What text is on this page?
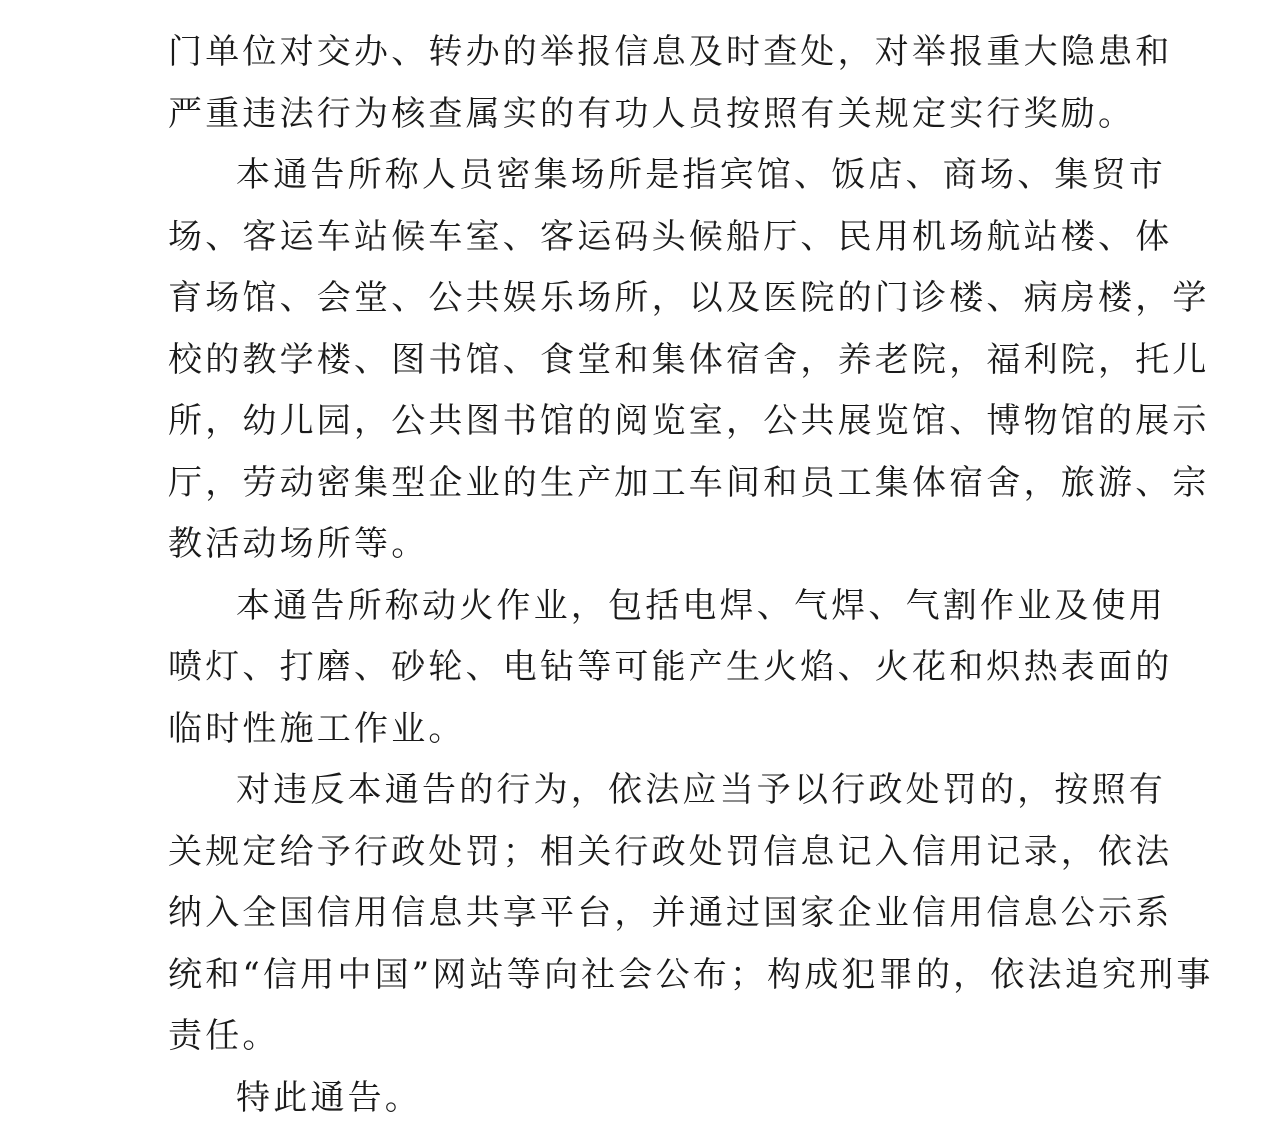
门单位对交办、转办的举报信息及时查处，对举报重大隐患和
严重违法行为核查属实的有功人员按照有关规定实行奖励。
本通告所称人员密集场所是指宾馆、饭店、商场、集贸市
场、客运车站候车室、客运码头候船厅、民用机场航站楼、体
育场馆、会堂、公共娱乐场所，以及医院的门诊楼、病房楼，学
校的教学楼、图书馆、食堂和集体宿舍，养老院，福利院，托儿
所，幼儿园，公共图书馆的阅览室，公共展览馆、博物馆的展示
厅，劳动密集型企业的生产加工车间和员工集体宿舍，旅游、宗
教活动场所等。
本通告所称动火作业，包括电焊、气焊、气割作业及使用
喷灯、打磨、砂轮、电钻等可能产生火焰、火花和炽热表面的
临时性施工作业。
对违反本通告的行为，依法应当予以行政处罚的，按照有
关规定给予行政处罚；相关行政处罚信息记入信用记录，依法
纳入全国信用信息共享平台，并通过国家企业信用信息公示系
统和“信用中国”网站等向社会公布；构成犯罪的，依法追究刑事
责任。
特此通告。
